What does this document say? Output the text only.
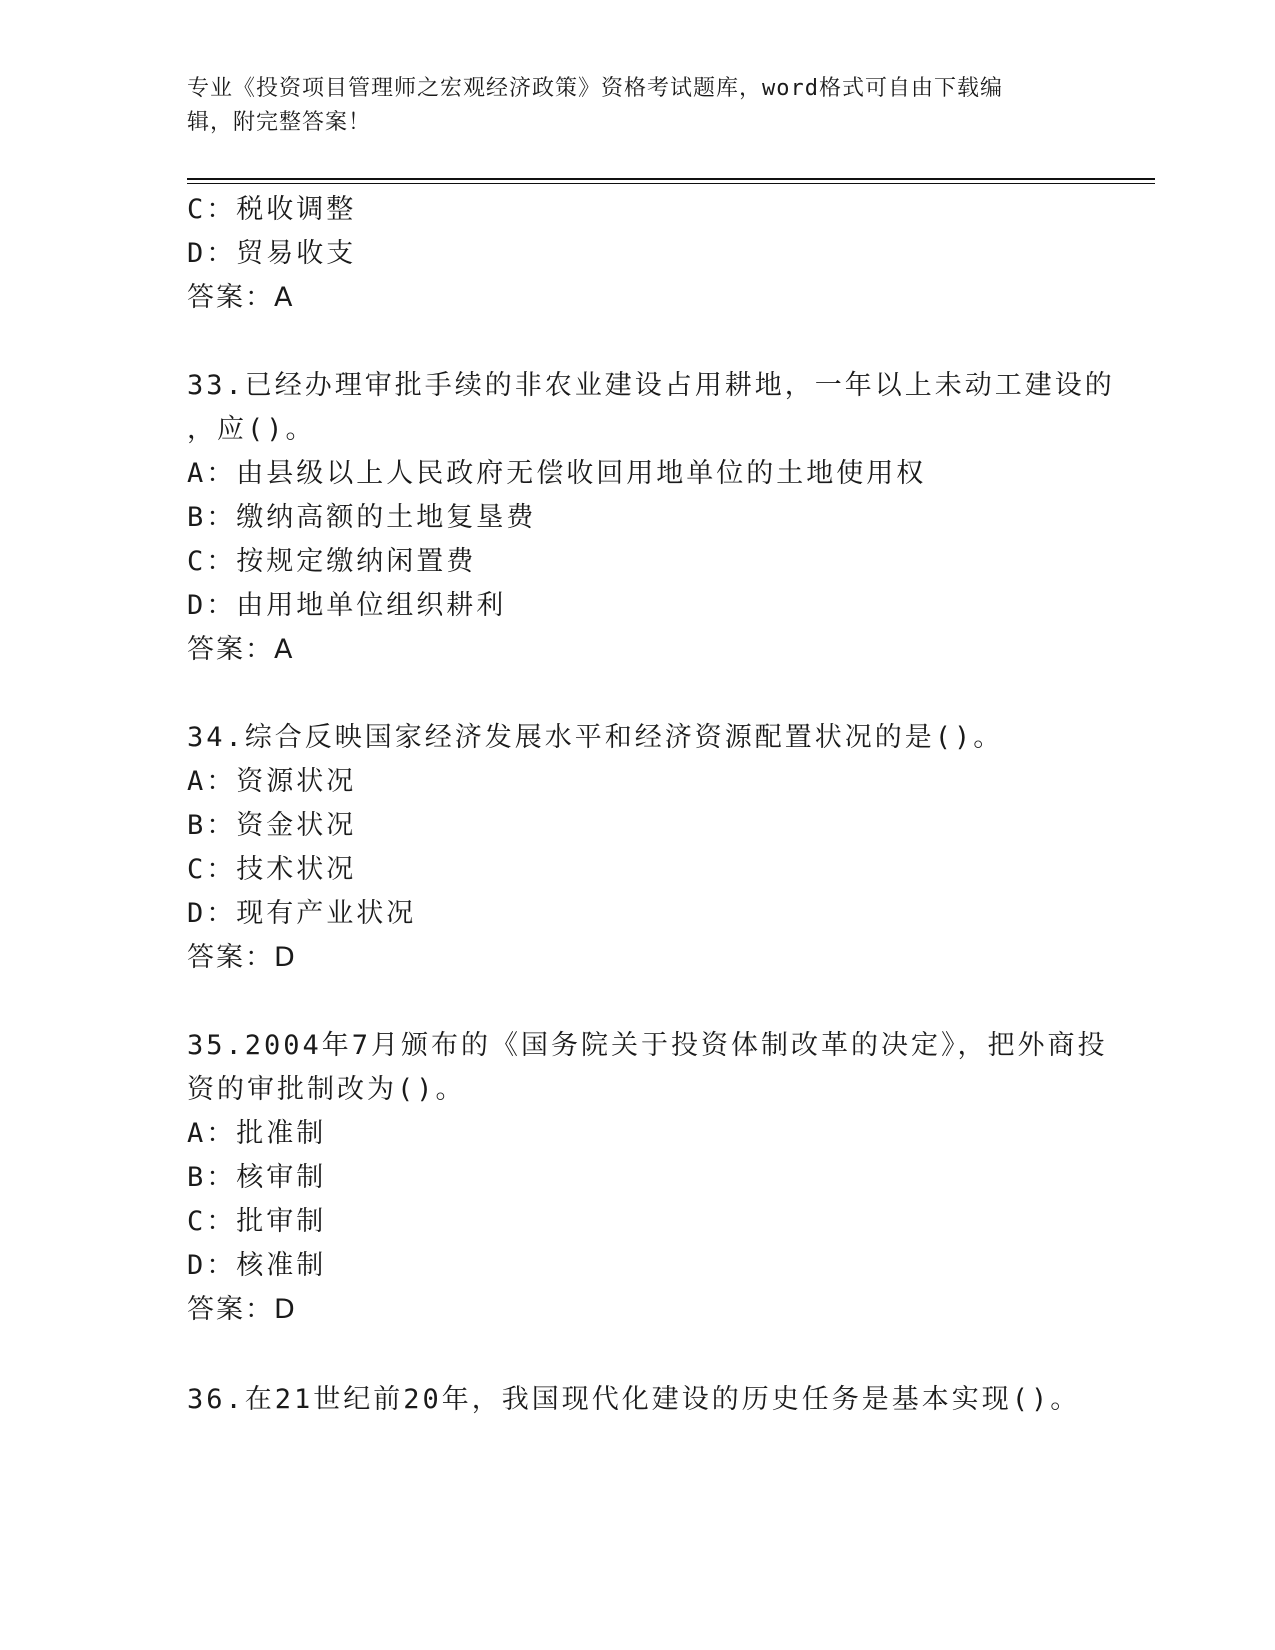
专业《投资项目管理师之宏观经济政策》资格考试题库，word格式可自由下载编
辑，附完整答案！
C：税收调整
D：贸易收支
答案：A
33.已经办理审批手续的非农业建设占用耕地，一年以上未动工建设的
，应()。
A：由县级以上人民政府无偿收回用地单位的土地使用权
B：缴纳高额的土地复垦费
C：按规定缴纳闲置费
D：由用地单位组织耕利
答案：A
34.综合反映国家经济发展水平和经济资源配置状况的是()。
A：资源状况
B：资金状况
C：技术状况
D：现有产业状况
答案：D
35.2004年7月颁布的《国务院关于投资体制改革的决定》，把外商投
资的审批制改为()。
A：批准制
B：核审制
C：批审制
D：核准制
答案：D
36.在21世纪前20年，我国现代化建设的历史任务是基本实现()。
